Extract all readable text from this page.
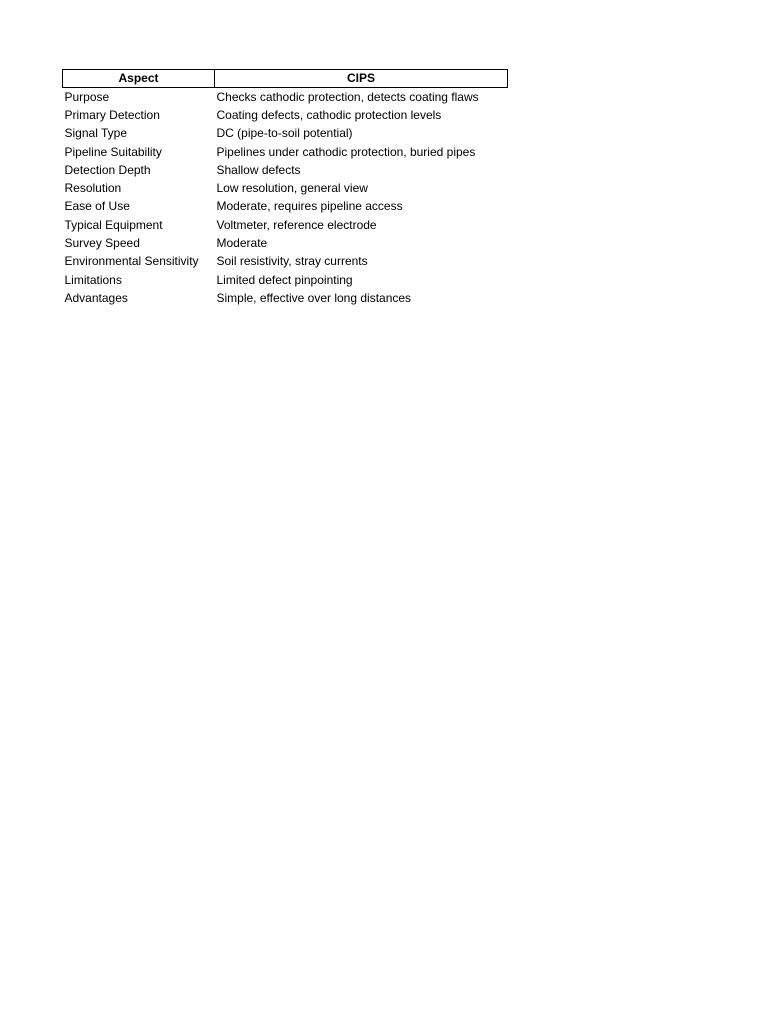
Aspect	CIPS
Purpose	Checks cathodic protection, detects coating flaws
Primary Detection	Coating defects, cathodic protection levels
Signal Type	DC (pipe-to-soil potential)
Pipeline Suitability	Pipelines under cathodic protection, buried pipes
Detection Depth	Shallow defects
Resolution	Low resolution, general view
Ease of Use	Moderate, requires pipeline access
Typical Equipment	Voltmeter, reference electrode
Survey Speed	Moderate
Environmental Sensitivity	Soil resistivity, stray currents
Limitations	Limited defect pinpointing
Advantages	Simple, effective over long distances
